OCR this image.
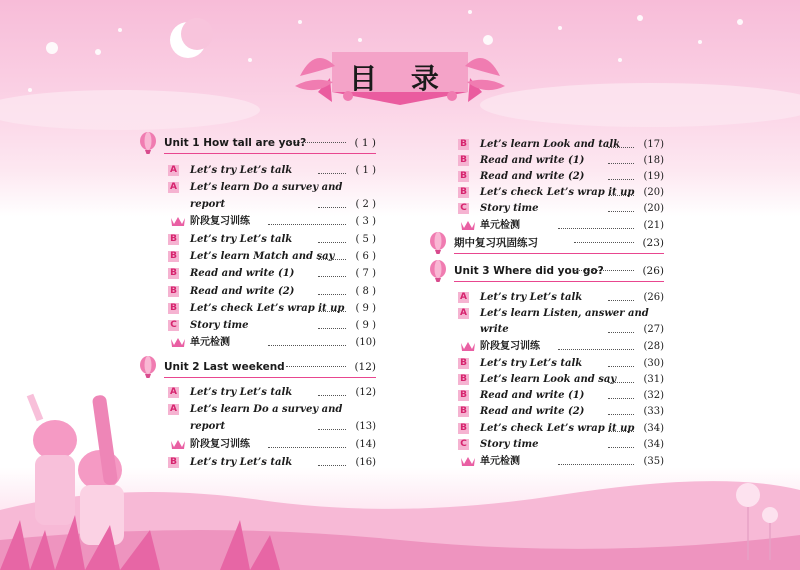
目 录
Unit 1 How tall are you?	( 1 )
A Let’s try Let’s talk	( 1 )
A Let’s learn Do a survey and
report	( 2 )
阶段复习训练	( 3 )
B Let’s try Let’s talk	( 5 )
B Let’s learn Match and say ( 6 )
B Read and write (1)	( 7 )
B Read and write (2)	( 8 )
B Let’s check Let’s wrap it up ( 9 )
C Story time	( 9 )
单元检测	(10)
Unit 2 Last weekend	(12)
A Let’s try Let’s talk	(12)
A Let’s learn Do a survey and
report	(13)
阶段复习训练	(14)
B Let’s try Let’s talk	(16)
B Let’s learn Look and talk (17)
B Read and write (1)	(18)
B Read and write (2)	(19)
B Let’s check Let’s wrap it up (20)
C Story time	(20)
单元检测	(21)
期中复习巩固练习	(23)
Unit 3 Where did you go?	(26)
A Let’s try Let’s talk	(26)
A Let’s learn Listen, answer and
write	(27)
阶段复习训练	(28)
B Let’s try Let’s talk	(30)
B Let’s learn Look and say	(31)
B Read and write (1)	(32)
B Read and write (2)	(33)
B Let’s check Let’s wrap it up (34)
C Story time	(34)
单元检测	(35)
